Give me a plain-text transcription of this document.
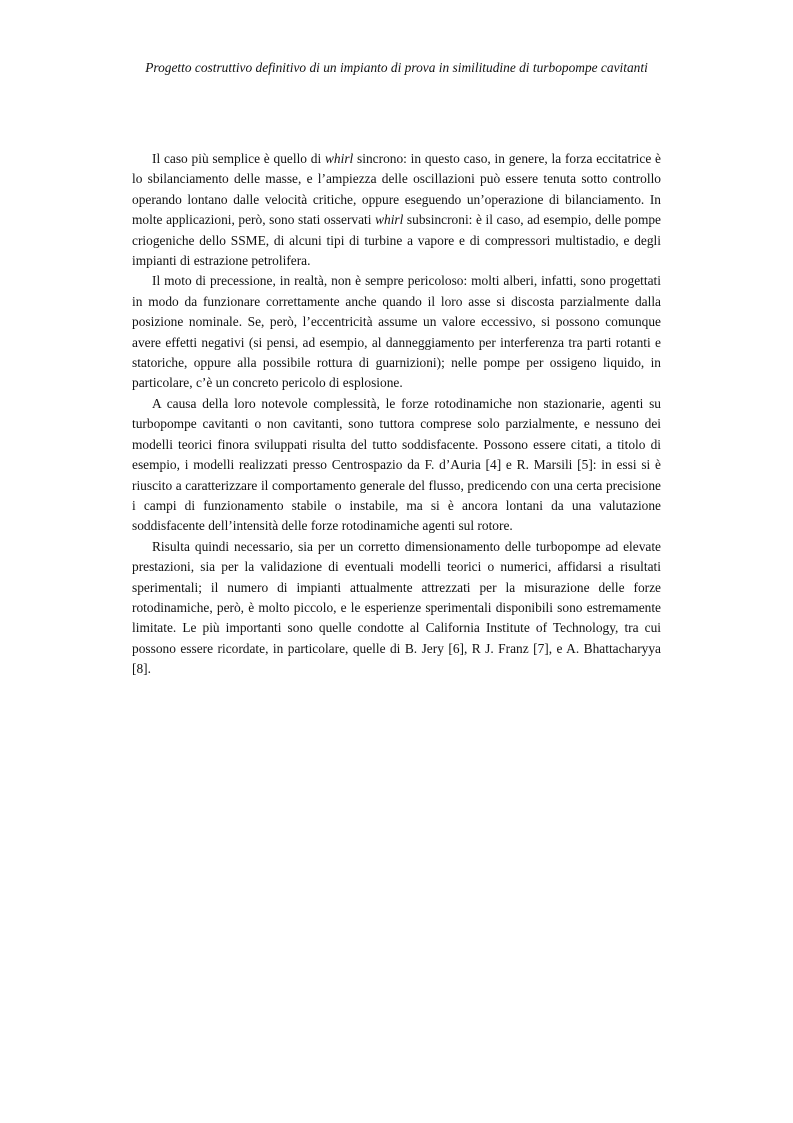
Progetto costruttivo definitivo di un impianto di prova in similitudine di turbopompe cavitanti

Il caso più semplice è quello di whirl sincrono: in questo caso, in genere, la forza eccitatrice è lo sbilanciamento delle masse, e l’ampiezza delle oscillazioni può essere tenuta sotto controllo operando lontano dalle velocità critiche, oppure eseguendo un’operazione di bilanciamento. In molte applicazioni, però, sono stati osservati whirl subsincroni: è il caso, ad esempio, delle pompe criogeniche dello SSME, di alcuni tipi di turbine a vapore e di compressori multistadio, e degli impianti di estrazione petrolifera.

Il moto di precessione, in realtà, non è sempre pericoloso: molti alberi, infatti, sono progettati in modo da funzionare correttamente anche quando il loro asse si discosta parzialmente dalla posizione nominale. Se, però, l’eccentricità assume un valore eccessivo, si possono comunque avere effetti negativi (si pensi, ad esempio, al danneggiamento per interferenza tra parti rotanti e statoriche, oppure alla possibile rottura di guarnizioni); nelle pompe per ossigeno liquido, in particolare, c’è un concreto pericolo di esplosione.

A causa della loro notevole complessità, le forze rotodinamiche non stazionarie, agenti su turbopompe cavitanti o non cavitanti, sono tuttora comprese solo parzialmente, e nessuno dei modelli teorici finora sviluppati risulta del tutto soddisfacente. Possono essere citati, a titolo di esempio, i modelli realizzati presso Centrospazio da F. d’Auria [4] e R. Marsili [5]: in essi si è riuscito a caratterizzare il comportamento generale del flusso, predicendo con una certa precisione i campi di funzionamento stabile o instabile, ma si è ancora lontani da una valutazione soddisfacente dell’intensità delle forze rotodinamiche agenti sul rotore.

Risulta quindi necessario, sia per un corretto dimensionamento delle turbopompe ad elevate prestazioni, sia per la validazione di eventuali modelli teorici o numerici, affidarsi a risultati sperimentali; il numero di impianti attualmente attrezzati per la misurazione delle forze rotodinamiche, però, è molto piccolo, e le esperienze sperimentali disponibili sono estremamente limitate. Le più importanti sono quelle condotte al California Institute of Technology, tra cui possono essere ricordate, in particolare, quelle di B. Jery [6], R J. Franz [7], e A. Bhattacharyya [8].
